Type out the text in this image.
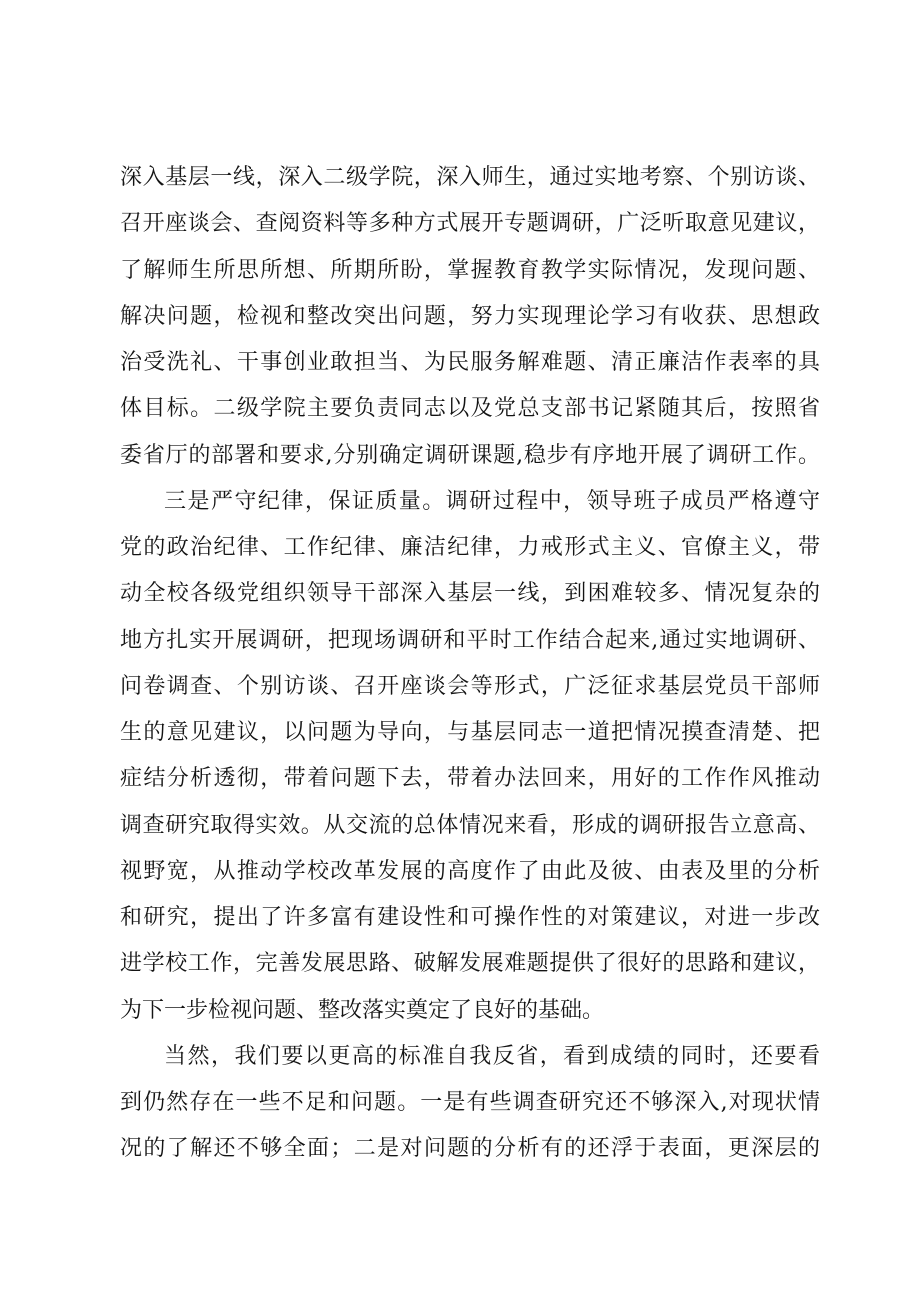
深入基层一线，深入二级学院，深入师生，通过实地考察、个别访谈、
召开座谈会、查阅资料等多种方式展开专题调研，广泛听取意见建议，
了解师生所思所想、所期所盼，掌握教育教学实际情况，发现问题、
解决问题，检视和整改突出问题，努力实现理论学习有收获、思想政
治受洗礼、干事创业敢担当、为民服务解难题、清正廉洁作表率的具
体目标。二级学院主要负责同志以及党总支部书记紧随其后，按照省
委省厅的部署和要求,分别确定调研课题,稳步有序地开展了调研工作。
三是严守纪律，保证质量。调研过程中，领导班子成员严格遵守
党的政治纪律、工作纪律、廉洁纪律，力戒形式主义、官僚主义，带
动全校各级党组织领导干部深入基层一线，到困难较多、情况复杂的
地方扎实开展调研，把现场调研和平时工作结合起来,通过实地调研、
问卷调查、个别访谈、召开座谈会等形式，广泛征求基层党员干部师
生的意见建议，以问题为导向，与基层同志一道把情况摸查清楚、把
症结分析透彻，带着问题下去，带着办法回来，用好的工作作风推动
调查研究取得实效。从交流的总体情况来看，形成的调研报告立意高、
视野宽，从推动学校改革发展的高度作了由此及彼、由表及里的分析
和研究，提出了许多富有建设性和可操作性的对策建议，对进一步改
进学校工作，完善发展思路、破解发展难题提供了很好的思路和建议，
为下一步检视问题、整改落实奠定了良好的基础。
当然，我们要以更高的标准自我反省，看到成绩的同时，还要看
到仍然存在一些不足和问题。一是有些调查研究还不够深入,对现状情
况的了解还不够全面；二是对问题的分析有的还浮于表面，更深层的
